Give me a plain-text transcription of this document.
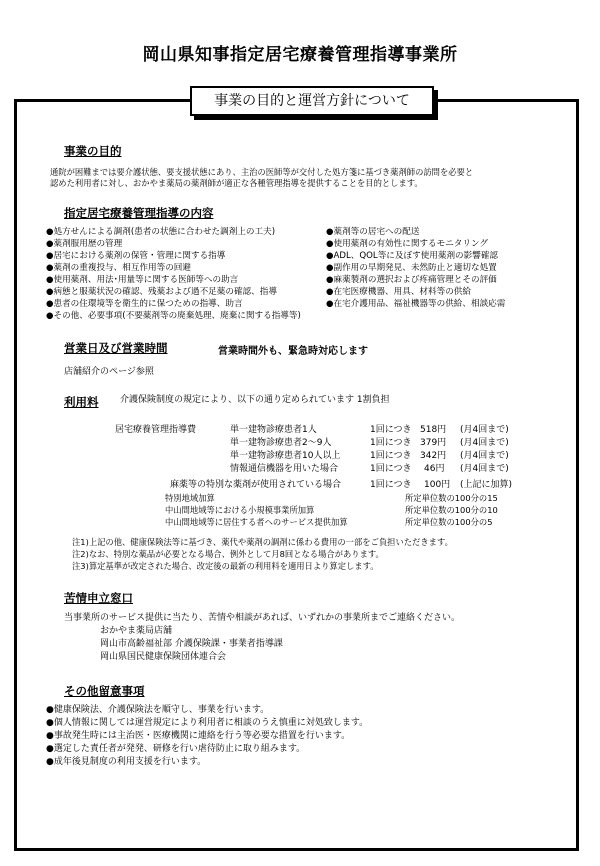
岡山県知事指定居宅療養管理指導事業所
事業の目的と運営方針について
事業の目的
通院が困難までは要介護状態、要支援状態にあり、主治の医師等が交付した処方箋に基づき薬剤師の訪問を必要と
認めた利用者に対し、おかやま薬局の薬剤師が適正な各種管理指導を提供することを目的とします。
指定居宅療養管理指導の内容
●処方せんによる調剤(患者の状態に合わせた調剤上の工夫)
●薬剤服用歴の管理
●居宅における薬剤の保管・管理に関する指導
●薬剤の重複投与、相互作用等の回避
●使用薬剤、用法･用量等に関する医師等への助言
●病態と服薬状況の確認、残薬および過不足薬の確認、指導
●患者の住環境等を衛生的に保つための指導、助言
●その他、必要事項(不要薬剤等の廃棄処理、廃棄に関する指導等)
●薬剤等の居宅への配送
●使用薬剤の有効性に関するモニタリング
●ADL、QOL等に及ぼす使用薬剤の影響確認
●副作用の早期発見、未然防止と適切な処置
●麻薬製剤の選択および疼痛管理とその評価
●在宅医療機器、用具、材料等の供給
●在宅介護用品、福祉機器等の供給、相談応需
営業日及び営業時間	営業時間外も、緊急時対応します
店舗紹介のページ参照
利用料 介護保険制度の規定により、以下の通り定められています 1割負担
居宅療養管理指導費	単一建物診療患者1人	1回につき 518円 (月4回まで)
単一建物診療患者2～9人	1回につき 379円 (月4回まで)
単一建物診療患者10人以上	1回につき 342円 (月4回まで)
情報通信機器を用いた場合	1回につき 46円 (月4回まで)
麻薬等の特別な薬剤が使用されている場合	1回につき 100円 (上記に加算)
特別地域加算	所定単位数の100分の15
中山間地域等における小規模事業所加算	所定単位数の100分の10
中山間地域等に居住する者へのサービス提供加算	所定単位数の100分の5
注1)上記の他、健康保険法等に基づき、薬代や薬剤の調剤に係わる費用の一部をご負担いただきます。
注2)なお、特別な薬品が必要となる場合、例外として月8回となる場合があります。
注3)算定基準が改定された場合、改定後の最新の利用料を適用日より算定します。
苦情申立窓口
当事業所のサービス提供に当たり、苦情や相談があれば、いずれかの事業所までご連絡ください。
おかやま薬局店舗
岡山市高齢福祉部 介護保険課・事業者指導課
岡山県国民健康保険団体連合会
その他留意事項
●健康保険法、介護保険法を順守し、事業を行います。
●個人情報に関しては運営規定により利用者に相談のうえ慎重に対処致します。
●事故発生時には主治医・医療機関に連絡を行う等必要な措置を行います。
●選定した責任者が発発、研修を行い虐待防止に取り組みます。
●成年後見制度の利用支援を行います。
